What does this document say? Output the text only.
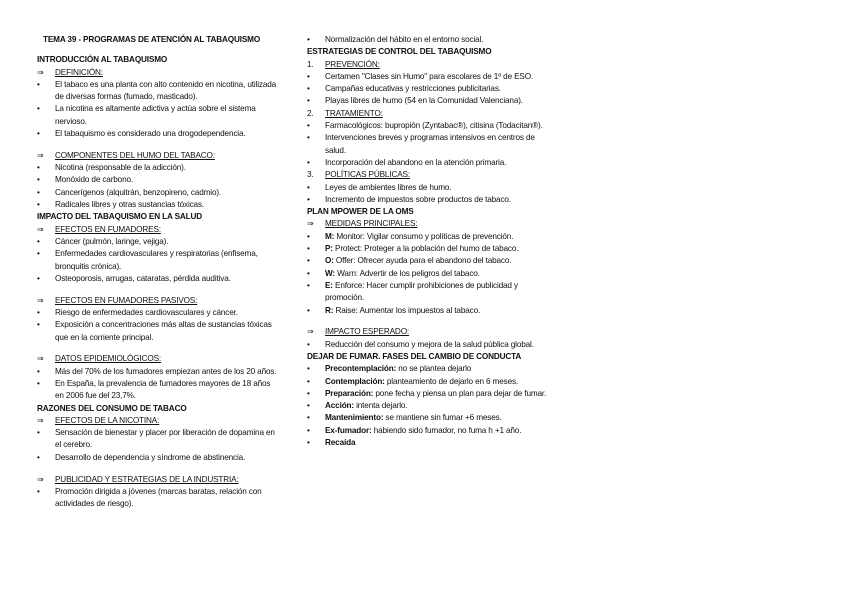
TEMA 39 - PROGRAMAS DE ATENCIÓN AL TABAQUISMO
INTRODUCCIÓN AL TABAQUISMO
⇒	DEFINICIÓN:
•	El tabaco es una planta con alto contenido en nicotina, utilizada de diversas formas (fumado, masticado).
•	La nicotina es altamente adictiva y actúa sobre el sistema nervioso.
•	El tabaquismo es considerado una drogodependencia.
⇒	COMPONENTES DEL HUMO DEL TABACO:
•	Nicotina (responsable de la adicción).
•	Monóxido de carbono.
•	Cancerígenos (alquitrán, benzopireno, cadmio).
•	Radicales libres y otras sustancias tóxicas.
IMPACTO DEL TABAQUISMO EN LA SALUD
⇒	EFECTOS EN FUMADORES:
•	Cáncer (pulmón, laringe, vejiga).
•	Enfermedades cardiovasculares y respiratorias (enfisema, bronquitis crónica).
•	Osteoporosis, arrugas, cataratas, pérdida auditiva.
⇒	EFECTOS EN FUMADORES PASIVOS:
•	Riesgo de enfermedades cardiovasculares y cáncer.
•	Exposición a concentraciones más altas de sustancias tóxicas que en la corriente principal.
⇒	DATOS EPIDEMIOLÓGICOS:
•	Más del 70% de los fumadores empiezan antes de los 20 años.
•	En España, la prevalencia de fumadores mayores de 18 años en 2006 fue del 23,7%.
RAZONES DEL CONSUMO DE TABACO
⇒	EFECTOS DE LA NICOTINA:
•	Sensación de bienestar y placer por liberación de dopamina en el cerebro.
•	Desarrollo de dependencia y síndrome de abstinencia.
⇒	PUBLICIDAD Y ESTRATEGIAS DE LA INDUSTRIA:
•	Promoción dirigida a jóvenes (marcas baratas, relación con actividades de riesgo).
•	Normalización del hábito en el entorno social.
ESTRATEGIAS DE CONTROL DEL TABAQUISMO
1.	PREVENCIÓN:
•	Certamen "Clases sin Humo" para escolares de 1º de ESO.
•	Campañas educativas y restricciones publicitarias.
•	Playas libres de humo (54 en la Comunidad Valenciana).
2.	TRATAMIENTO:
•	Farmacológicos: bupropión (Zyntabac®), citisina (Todacitan®).
•	Intervenciones breves y programas intensivos en centros de salud.
•	Incorporación del abandono en la atención primaria.
3.	POLÍTICAS PÚBLICAS:
•	Leyes de ambientes libres de humo.
•	Incremento de impuestos sobre productos de tabaco.
PLAN MPOWER DE LA OMS
⇒	MEDIDAS PRINCIPALES:
•	M: Monitor: Vigilar consumo y políticas de prevención.
•	P: Protect: Proteger a la población del humo de tabaco.
•	O: Offer: Ofrecer ayuda para el abandono del tabaco.
•	W: Warn: Advertir de los peligros del tabaco.
•	E: Enforce: Hacer cumplir prohibiciones de publicidad y promoción.
•	R: Raise: Aumentar los impuestos al tabaco.
⇒	IMPACTO ESPERADO:
•	Reducción del consumo y mejora de la salud pública global.
DEJAR DE FUMAR. FASES DEL CAMBIO DE CONDUCTA
•	Precontemplación: no se plantea dejarlo
•	Contemplación: planteamiento de dejarlo en 6 meses.
•	Preparación: pone fecha y piensa un plan para dejar de fumar.
•	Acción: intenta dejarlo.
•	Mantenimiento: se mantiene sin fumar +6 meses.
•	Ex-fumador: habiendo sido fumador, no fuma h +1 año.
•	Recaída
